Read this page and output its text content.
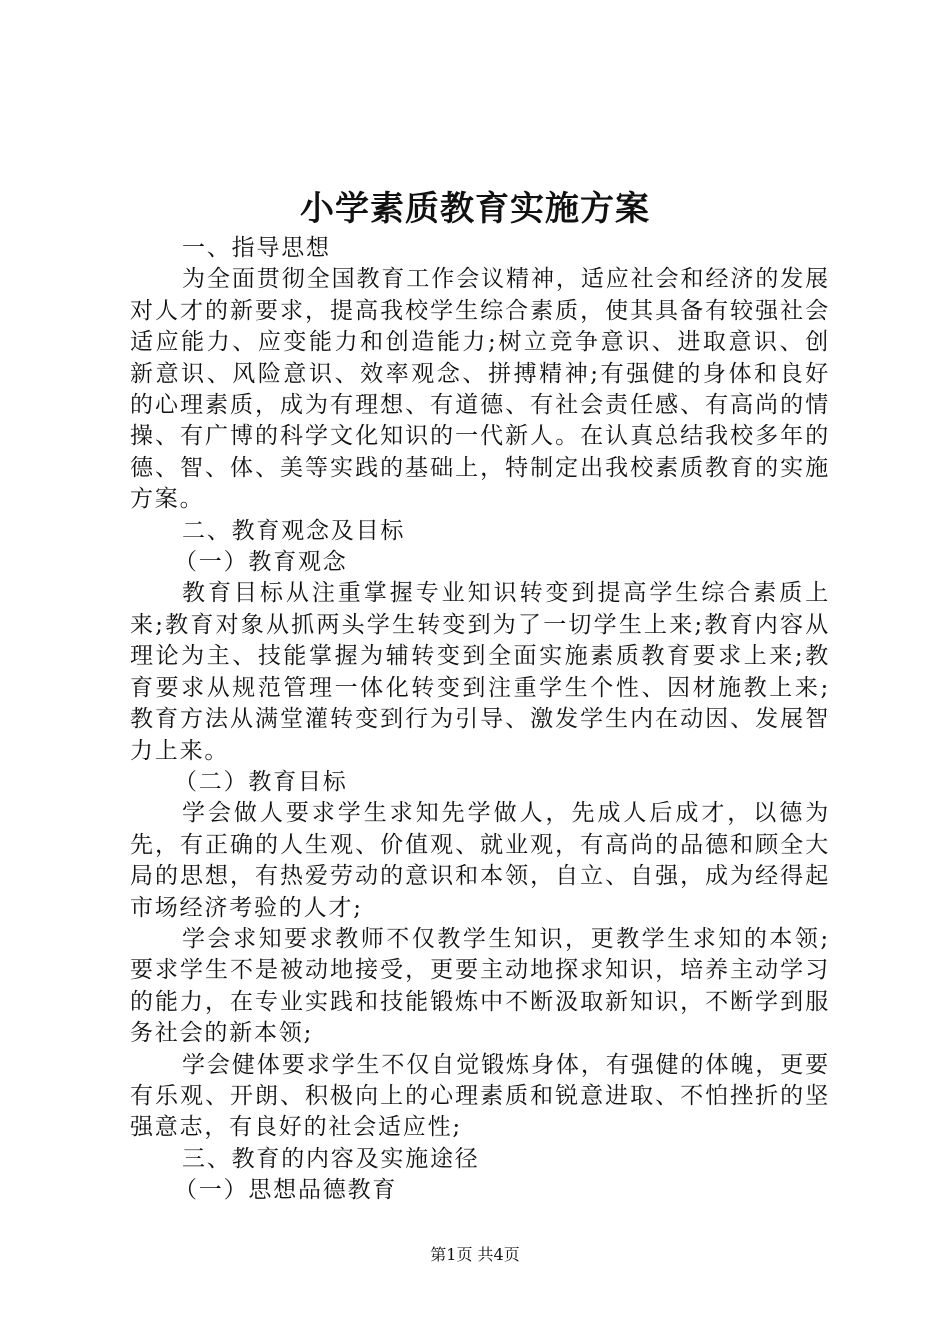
小学素质教育实施方案

一、指导思想

为全面贯彻全国教育工作会议精神，适应社会和经济的发展对人才的新要求，提高我校学生综合素质，使其具备有较强社会适应能力、应变能力和创造能力;树立竞争意识、进取意识、创新意识、风险意识、效率观念、拼搏精神;有强健的身体和良好的心理素质，成为有理想、有道德、有社会责任感、有高尚的情操、有广博的科学文化知识的一代新人。在认真总结我校多年的德、智、体、美等实践的基础上，特制定出我校素质教育的实施方案。

二、教育观念及目标

（一）教育观念

教育目标从注重掌握专业知识转变到提高学生综合素质上来;教育对象从抓两头学生转变到为了一切学生上来;教育内容从理论为主、技能掌握为辅转变到全面实施素质教育要求上来;教育要求从规范管理一体化转变到注重学生个性、因材施教上来;教育方法从满堂灌转变到行为引导、激发学生内在动因、发展智力上来。

（二）教育目标

学会做人要求学生求知先学做人，先成人后成才，以德为先，有正确的人生观、价值观、就业观，有高尚的品德和顾全大局的思想，有热爱劳动的意识和本领，自立、自强，成为经得起市场经济考验的人才;

学会求知要求教师不仅教学生知识，更教学生求知的本领;要求学生不是被动地接受，更要主动地探求知识，培养主动学习的能力，在专业实践和技能锻炼中不断汲取新知识，不断学到服务社会的新本领;

学会健体要求学生不仅自觉锻炼身体，有强健的体魄，更要有乐观、开朗、积极向上的心理素质和锐意进取、不怕挫折的坚强意志，有良好的社会适应性;

三、教育的内容及实施途径

（一）思想品德教育

第1页 共4页
